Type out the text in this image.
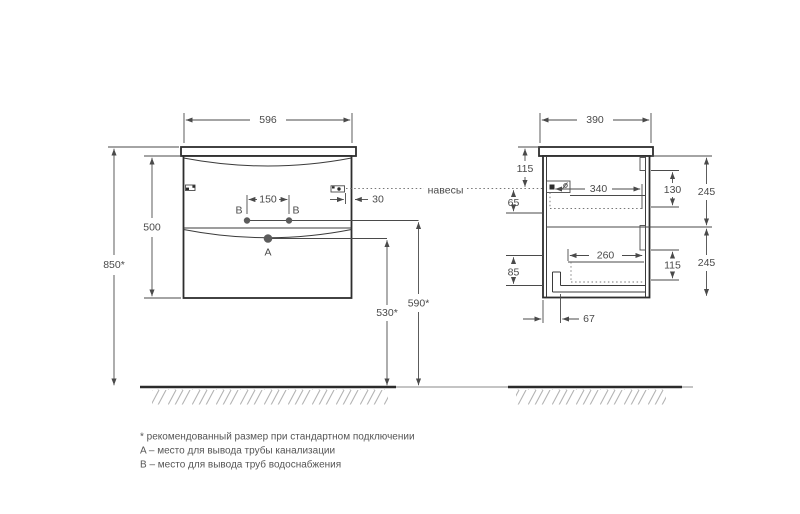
596
500
850*
150	30
B	B
A
530*
590*
навесы
390
115
65
340	130 245
260
115 245
85
67
* рекомендованный размер при стандартном подключении
A – место для вывода трубы канализации
B – место для вывода труб водоснабжения
